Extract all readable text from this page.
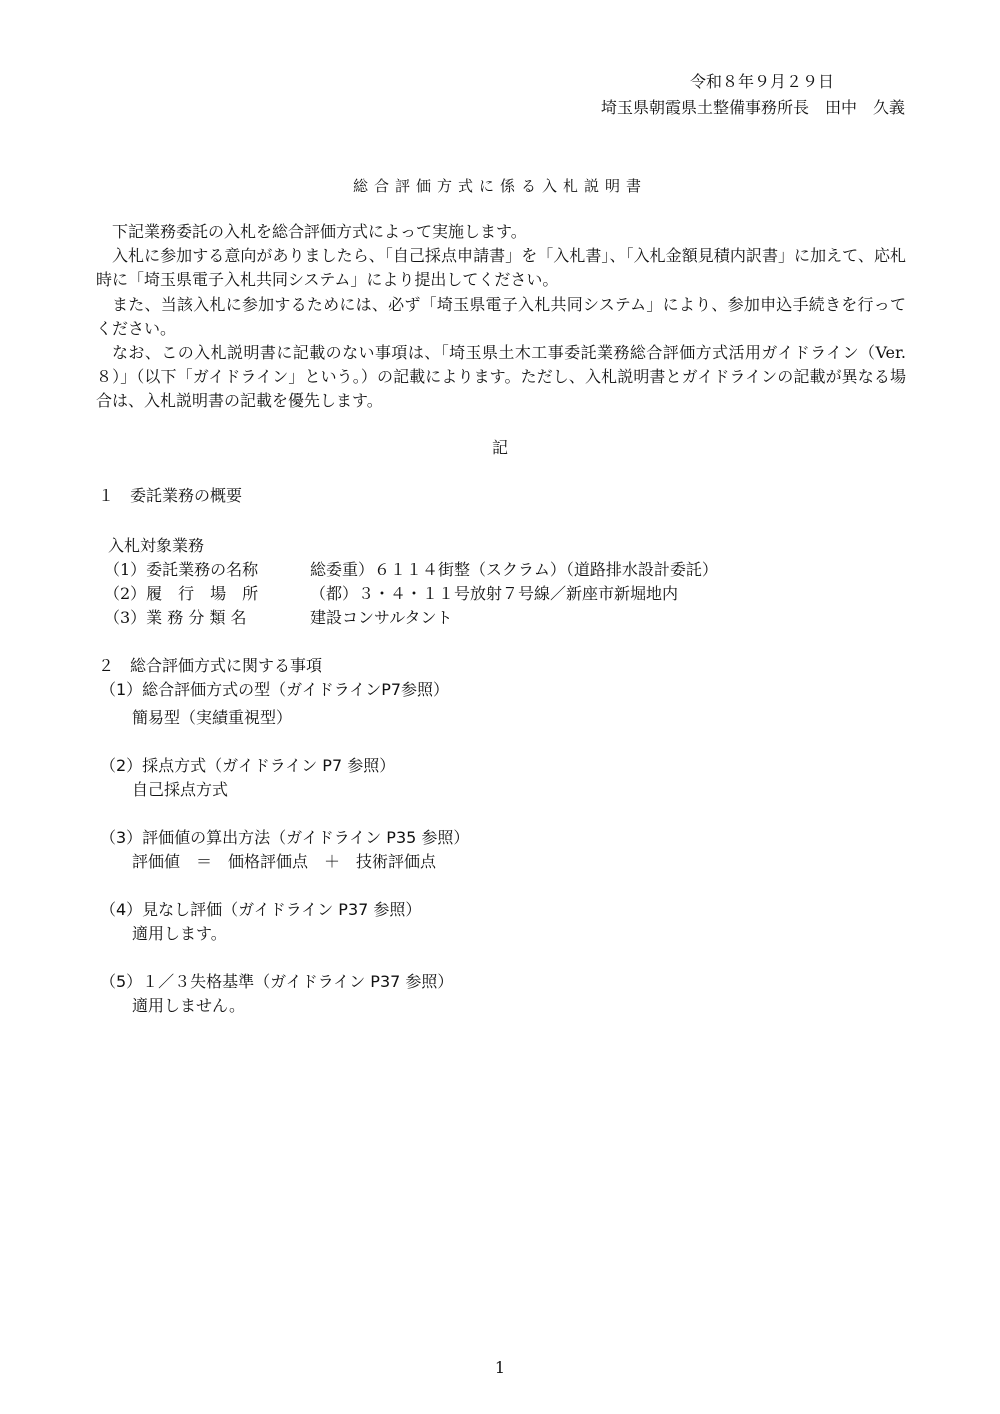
令和８年９月２９日
埼玉県朝霞県土整備事務所長　田中　久義
総合評価方式に係る入札説明書

下記業務委託の入札を総合評価方式によって実施します。

入札に参加する意向がありましたら、「自己採点申請書」を「入札書」、「入札金額見積内訳書」に加えて、応札時に「埼玉県電子入札共同システム」により提出してください。

また、当該入札に参加するためには、必ず「埼玉県電子入札共同システム」により、参加申込手続きを行ってください。

なお、この入札説明書に記載のない事項は、「埼玉県土木工事委託業務総合評価方式活用ガイドライン（Ver.８）」（以下「ガイドライン」という。）の記載によります。ただし、入札説明書とガイドラインの記載が異なる場合は、入札説明書の記載を優先します。

記
１　委託業務の概要
入札対象業務
（1）委託業務の名称	総委重）６１１４街整（スクラム）（道路排水設計委託）
（2）履　行　場　所	（都）３・４・１１号放射７号線／新座市新堀地内
（3）業 務 分 類 名	建設コンサルタント
２　総合評価方式に関する事項
（1）総合評価方式の型（ガイドラインP7参照）
簡易型（実績重視型）
（2）採点方式（ガイドライン P7 参照）
自己採点方式
（3）評価値の算出方法（ガイドライン P35 参照）
評価値　＝　価格評価点　＋　技術評価点
（4）見なし評価（ガイドライン P37 参照）
適用します。
（5）１／３失格基準（ガイドライン P37 参照）
適用しません。
1
